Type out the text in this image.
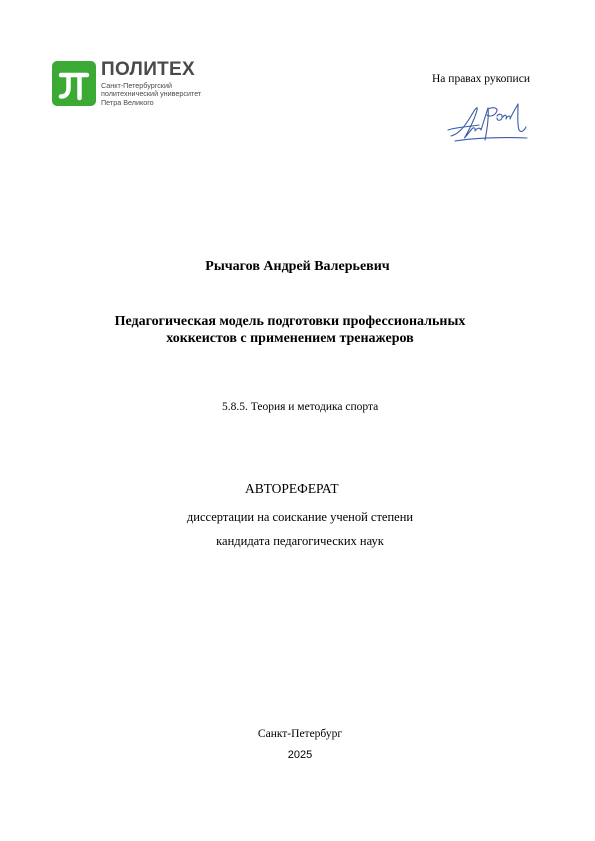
ПОЛИТЕХ
Санкт-Петербургский
политехнический университет
Петра Великого
На правах рукописи
Рычагов Андрей Валерьевич
Педагогическая модель подготовки профессиональных
хоккеистов с применением тренажеров
5.8.5. Теория и методика спорта
АВТОРЕФЕРАТ
диссертации на соискание ученой степени
кандидата педагогических наук
Санкт-Петербург
2025
